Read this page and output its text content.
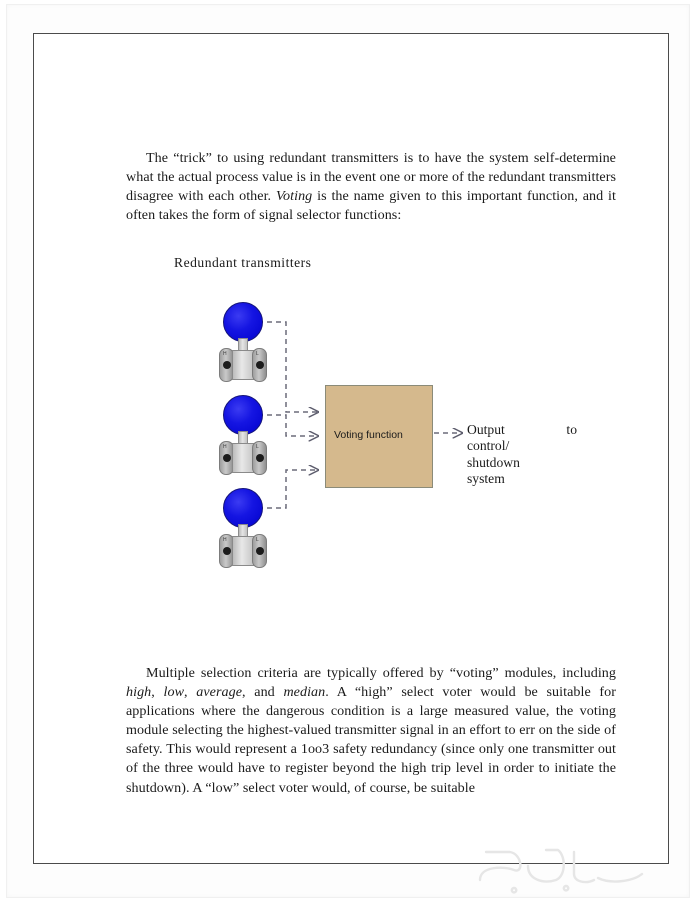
The “trick” to using redundant transmitters is to have the system self-determine what the actual process value is in the event one or more of the redundant transmitters disagree with each other. Voting is the name given to this important function, and it often takes the form of signal selector functions:
Redundant transmitters
H	L
H	L
H	L
Voting function	Output	to
control/
shutdown
system
Multiple selection criteria are typically offered by “voting” modules, including high, low, average, and median. A “high” select voter would be suitable for applications where the dangerous condition is a large measured value, the voting module selecting the highest-valued transmitter signal in an effort to err on the side of safety. This would represent a 1oo3 safety redundancy (since only one transmitter out of the three would have to register beyond the high trip level in order to initiate the shutdown). A “low” select voter would, of course, be suitable
